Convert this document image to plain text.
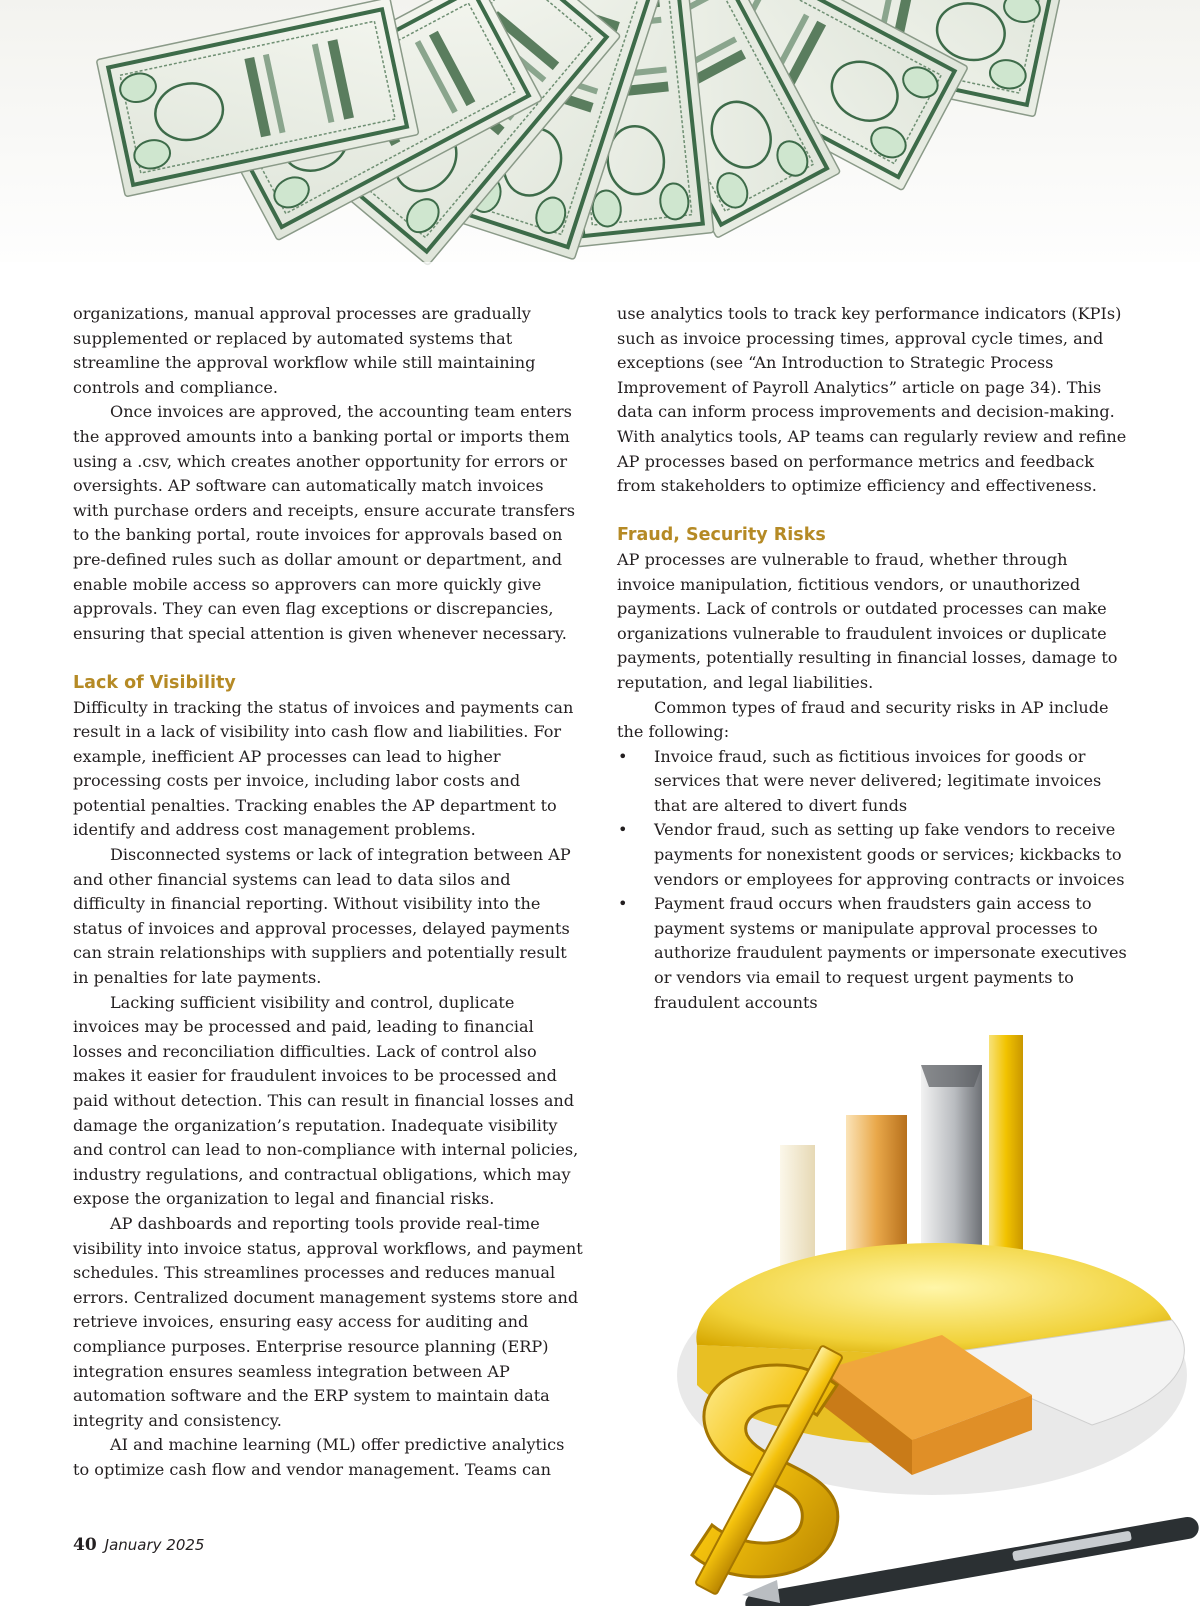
organizations, manual approval processes are gradually supplemented or replaced by automated systems that streamline the approval workflow while still maintaining controls and compliance.

Once invoices are approved, the accounting team enters the approved amounts into a banking portal or imports them using a .csv, which creates another opportunity for errors or oversights. AP software can automatically match invoices with purchase orders and receipts, ensure accurate transfers to the banking portal, route invoices for approvals based on pre-defined rules such as dollar amount or department, and enable mobile access so approvers can more quickly give approvals. They can even flag exceptions or discrepancies, ensuring that special attention is given whenever necessary.

Lack of Visibility

Difficulty in tracking the status of invoices and payments can result in a lack of visibility into cash flow and liabilities. For example, inefficient AP processes can lead to higher processing costs per invoice, including labor costs and potential penalties. Tracking enables the AP department to identify and address cost management problems.

Disconnected systems or lack of integration between AP and other financial systems can lead to data silos and difficulty in financial reporting. Without visibility into the status of invoices and approval processes, delayed payments can strain relationships with suppliers and potentially result in penalties for late payments.

Lacking sufficient visibility and control, duplicate invoices may be processed and paid, leading to financial losses and reconciliation difficulties. Lack of control also makes it easier for fraudulent invoices to be processed and paid without detection. This can result in financial losses and damage the organization’s reputation. Inadequate visibility and control can lead to non-compliance with internal policies, industry regulations, and contractual obligations, which may expose the organization to legal and financial risks.

AP dashboards and reporting tools provide real-time visibility into invoice status, approval workflows, and payment schedules. This streamlines processes and reduces manual errors. Centralized document management systems store and retrieve invoices, ensuring easy access for auditing and compliance purposes. Enterprise resource planning (ERP) integration ensures seamless integration between AP automation software and the ERP system to maintain data integrity and consistency.

AI and machine learning (ML) offer predictive analytics to optimize cash flow and vendor management. Teams can

use analytics tools to track key performance indicators (KPIs) such as invoice processing times, approval cycle times, and exceptions (see “An Introduction to Strategic Process Improvement of Payroll Analytics” article on page 34). This data can inform process improvements and decision-making. With analytics tools, AP teams can regularly review and refine AP processes based on performance metrics and feedback from stakeholders to optimize efficiency and effectiveness.

Fraud, Security Risks

AP processes are vulnerable to fraud, whether through invoice manipulation, fictitious vendors, or unauthorized payments. Lack of controls or outdated processes can make organizations vulnerable to fraudulent invoices or duplicate payments, potentially resulting in financial losses, damage to reputation, and legal liabilities.

Common types of fraud and security risks in AP include the following:

• Invoice fraud, such as fictitious invoices for goods or services that were never delivered; legitimate invoices that are altered to divert funds
• Vendor fraud, such as setting up fake vendors to receive payments for nonexistent goods or services; kickbacks to vendors or employees for approving contracts or invoices
• Payment fraud occurs when fraudsters gain access to payment systems or manipulate approval processes to authorize fraudulent payments or impersonate executives or vendors via email to request urgent payments to fraudulent accounts
40 January 2025
